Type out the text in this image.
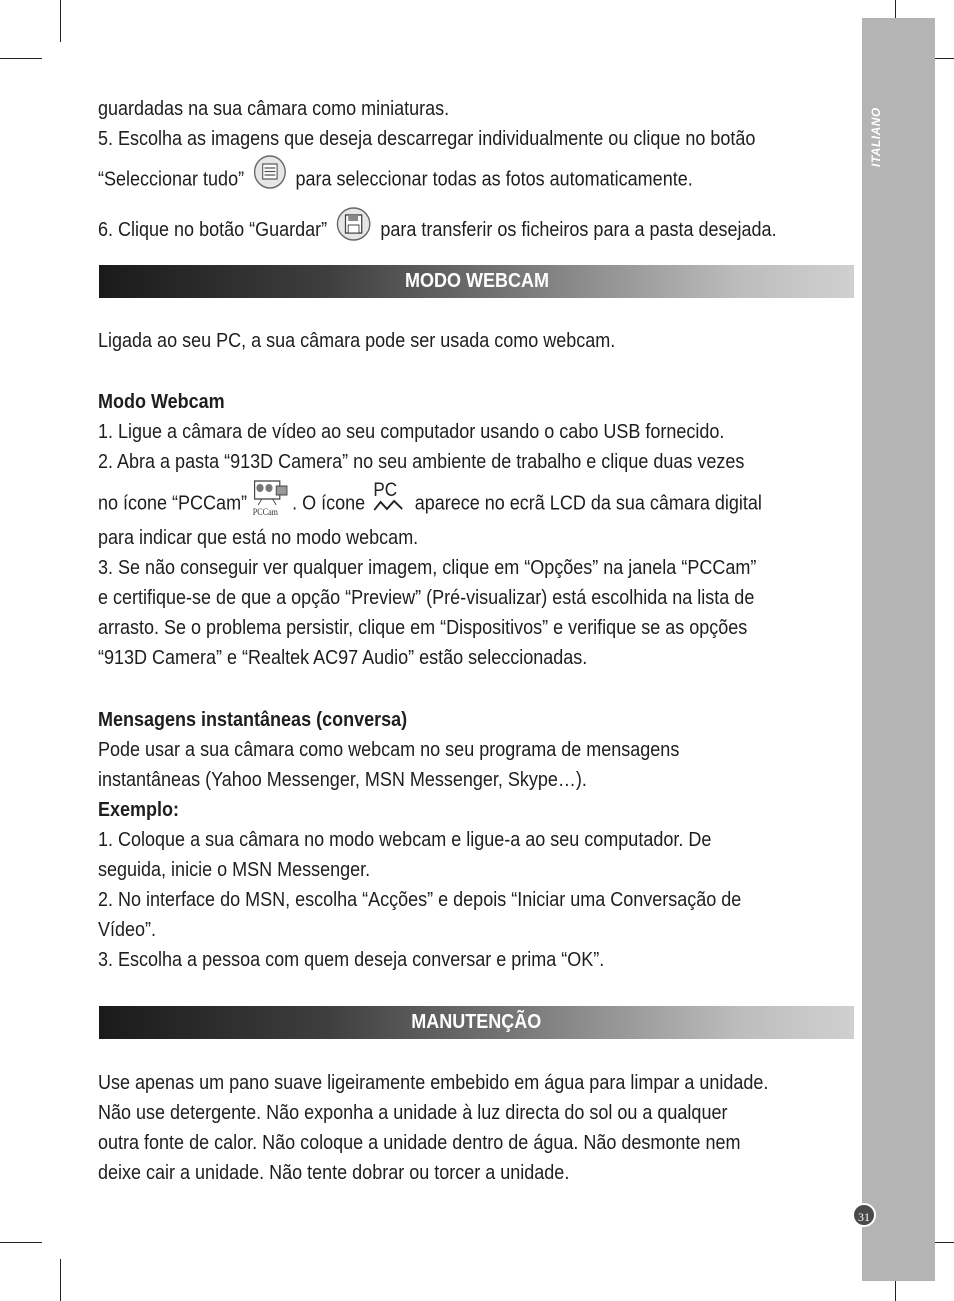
ITALIANO
31
MODO WEBCAM
MANUTENÇÃO

guardadas na sua câmara como miniaturas.

5. Escolha as imagens que deseja descarregar individualmente ou clique no botão

“Seleccionar tudo”	para seleccionar todas as fotos automaticamente.

6. Clique no botão “Guardar”	para transferir os ficheiros para a pasta desejada.

Ligada ao seu PC, a sua câmara pode ser usada como webcam.

Modo Webcam

1. Ligue a câmara de vídeo ao seu computador usando o cabo USB fornecido.

2. Abra a pasta “913D Camera” no seu ambiente de trabalho e clique duas vezes

no ícone “PCCam” PCCam . O ícone
PC
aparece no ecrã LCD da sua câmara digital

para indicar que está no modo webcam.

3. Se não conseguir ver qualquer imagem, clique em “Opções” na janela “PCCam”

e certifique-se de que a opção “Preview” (Pré-visualizar) está escolhida na lista de

arrasto. Se o problema persistir, clique em “Dispositivos” e verifique se as opções

“913D Camera” e “Realtek AC97 Audio” estão seleccionadas.

Mensagens instantâneas (conversa)

Pode usar a sua câmara como webcam no seu programa de mensagens

instantâneas (Yahoo Messenger, MSN Messenger, Skype…).

Exemplo:

1. Coloque a sua câmara no modo webcam e ligue-a ao seu computador. De

seguida, inicie o MSN Messenger.

2. No interface do MSN, escolha “Acções” e depois “Iniciar uma Conversação de

Vídeo”.

3. Escolha a pessoa com quem deseja conversar e prima “OK”.

Use apenas um pano suave ligeiramente embebido em água para limpar a unidade.

Não use detergente. Não exponha a unidade à luz directa do sol ou a qualquer

outra fonte de calor. Não coloque a unidade dentro de água. Não desmonte nem

deixe cair a unidade. Não tente dobrar ou torcer a unidade.
